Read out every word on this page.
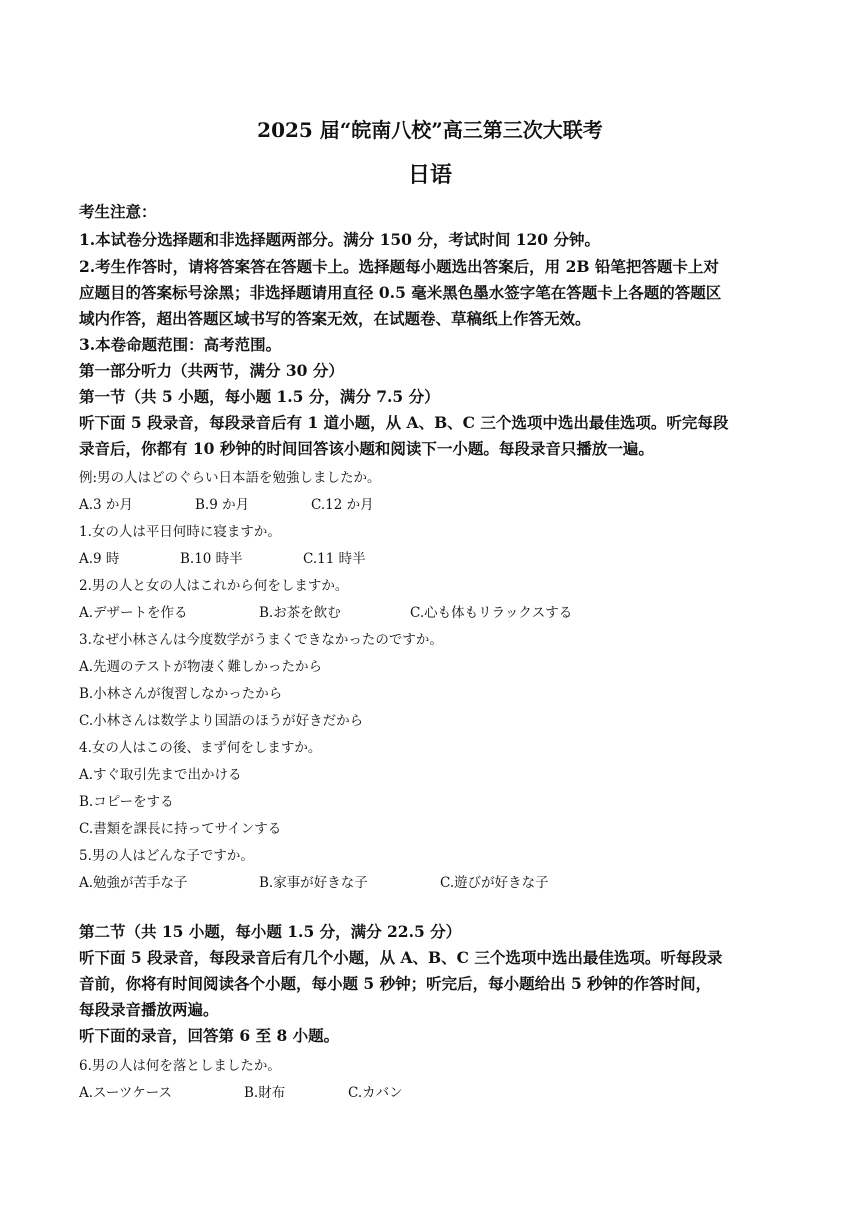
2025 届“皖南八校”高三第三次大联考
日语
考生注意：
1.本试卷分选择题和非选择题两部分。满分 150 分，考试时间 120 分钟。
2.考生作答时，请将答案答在答题卡上。选择题每小题选出答案后，用 2B 铅笔把答题卡上对
应题目的答案标号涂黑；非选择题请用直径 0.5 毫米黑色墨水签字笔在答题卡上各题的答题区
域内作答，超出答题区域书写的答案无效，在试题卷、草稿纸上作答无效。
3.本卷命题范围：高考范围。
第一部分听力（共两节，满分 30 分）
第一节（共 5 小题，每小题 1.5 分，满分 7.5 分）
听下面 5 段录音，每段录音后有 1 道小题，从 A、B、C 三个选项中选出最佳选项。听完每段
录音后，你都有 10 秒钟的时间回答该小题和阅读下一小题。每段录音只播放一遍。
例:男の人はどのぐらい日本語を勉強しましたか。
A.3 か月	B.9 か月	C.12 か月
1.女の人は平日何時に寝ますか。
A.9 時	B.10 時半	C.11 時半
2.男の人と女の人はこれから何をしますか。
A.デザートを作る	B.お茶を飲む	C.心も体もリラックスする
3.なぜ小林さんは今度数学がうまくできなかったのですか。
A.先週のテストが物凄く難しかったから
B.小林さんが復習しなかったから
C.小林さんは数学より国語のほうが好きだから
4.女の人はこの後、まず何をしますか。
A.すぐ取引先まで出かける
B.コピーをする
C.書類を課長に持ってサインする
5.男の人はどんな子ですか。
A.勉強が苦手な子	B.家事が好きな子	C.遊びが好きな子
第二节（共 15 小题，每小题 1.5 分，满分 22.5 分）
听下面 5 段录音，每段录音后有几个小题，从 A、B、C 三个选项中选出最佳选项。听每段录
音前，你将有时间阅读各个小题，每小题 5 秒钟；听完后，每小题给出 5 秒钟的作答时间，
每段录音播放两遍。
听下面的录音，回答第 6 至 8 小题。
6.男の人は何を落としましたか。
A.スーツケース	B.財布	C.カバン
